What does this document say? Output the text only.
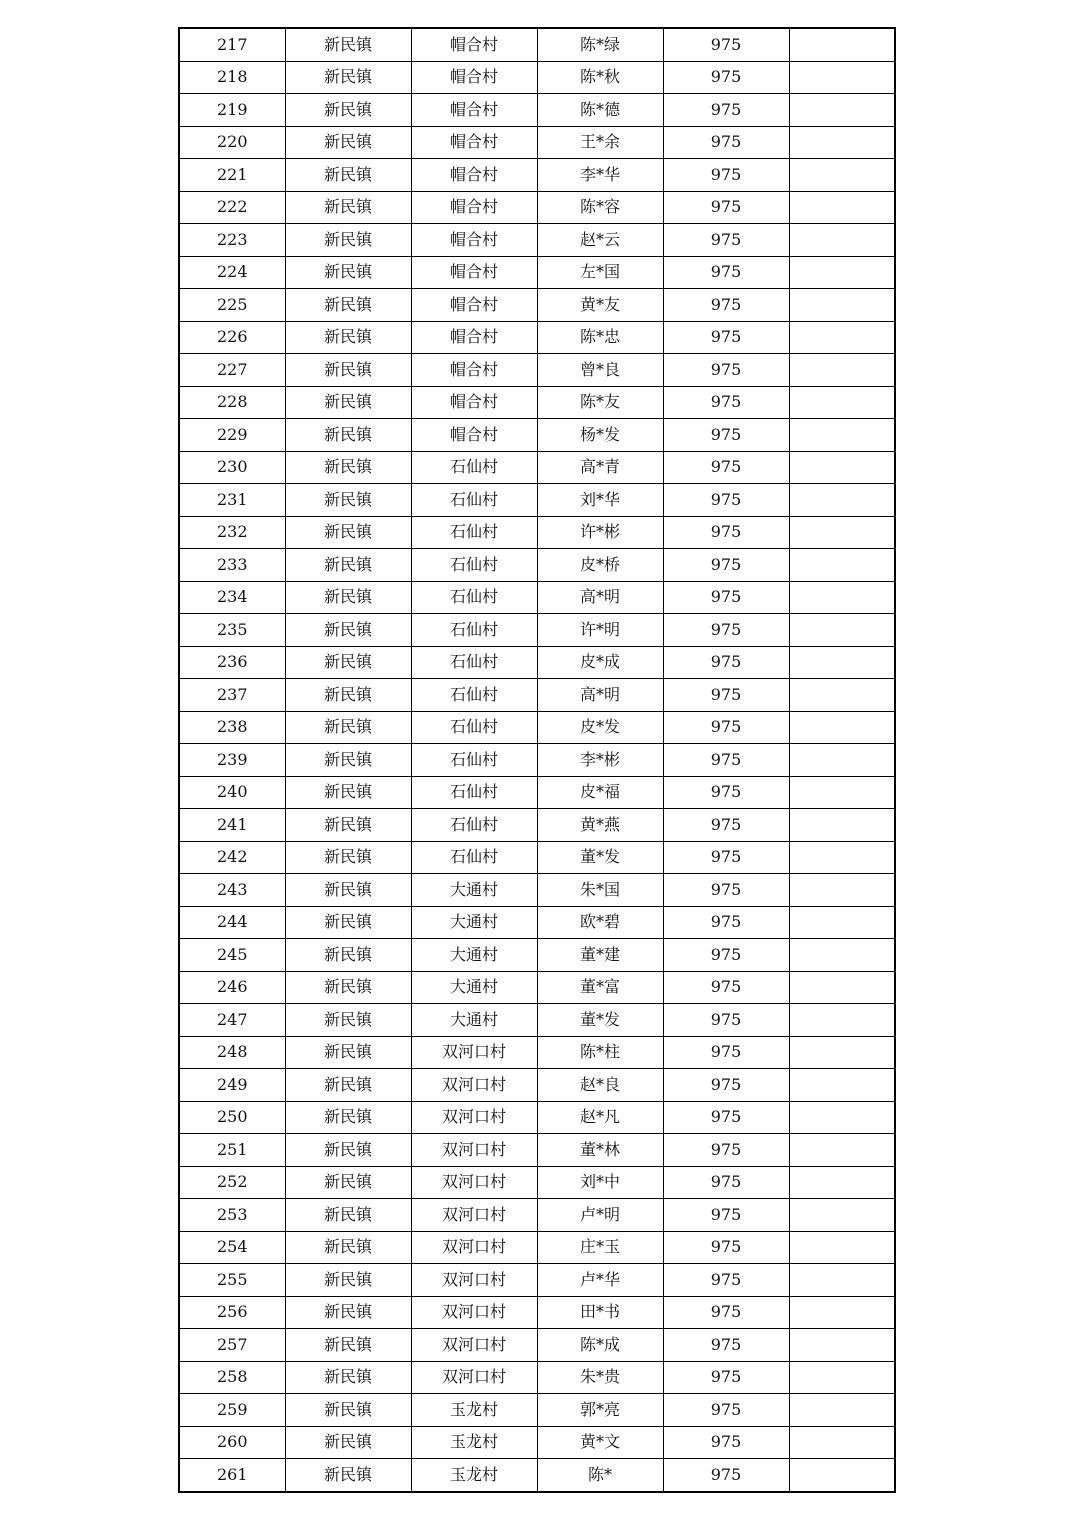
217	新民镇	帽合村	陈*绿	975	
218	新民镇	帽合村	陈*秋	975	
219	新民镇	帽合村	陈*德	975	
220	新民镇	帽合村	王*余	975	
221	新民镇	帽合村	李*华	975	
222	新民镇	帽合村	陈*容	975	
223	新民镇	帽合村	赵*云	975	
224	新民镇	帽合村	左*国	975	
225	新民镇	帽合村	黄*友	975	
226	新民镇	帽合村	陈*忠	975	
227	新民镇	帽合村	曾*良	975	
228	新民镇	帽合村	陈*友	975	
229	新民镇	帽合村	杨*发	975	
230	新民镇	石仙村	高*青	975	
231	新民镇	石仙村	刘*华	975	
232	新民镇	石仙村	许*彬	975	
233	新民镇	石仙村	皮*桥	975	
234	新民镇	石仙村	高*明	975	
235	新民镇	石仙村	许*明	975	
236	新民镇	石仙村	皮*成	975	
237	新民镇	石仙村	高*明	975	
238	新民镇	石仙村	皮*发	975	
239	新民镇	石仙村	李*彬	975	
240	新民镇	石仙村	皮*福	975	
241	新民镇	石仙村	黄*燕	975	
242	新民镇	石仙村	董*发	975	
243	新民镇	大通村	朱*国	975	
244	新民镇	大通村	欧*碧	975	
245	新民镇	大通村	董*建	975	
246	新民镇	大通村	董*富	975	
247	新民镇	大通村	董*发	975	
248	新民镇	双河口村	陈*柱	975	
249	新民镇	双河口村	赵*良	975	
250	新民镇	双河口村	赵*凡	975	
251	新民镇	双河口村	董*林	975	
252	新民镇	双河口村	刘*中	975	
253	新民镇	双河口村	卢*明	975	
254	新民镇	双河口村	庄*玉	975	
255	新民镇	双河口村	卢*华	975	
256	新民镇	双河口村	田*书	975	
257	新民镇	双河口村	陈*成	975	
258	新民镇	双河口村	朱*贵	975	
259	新民镇	玉龙村	郭*亮	975	
260	新民镇	玉龙村	黄*文	975	
261	新民镇	玉龙村	陈*	975	
